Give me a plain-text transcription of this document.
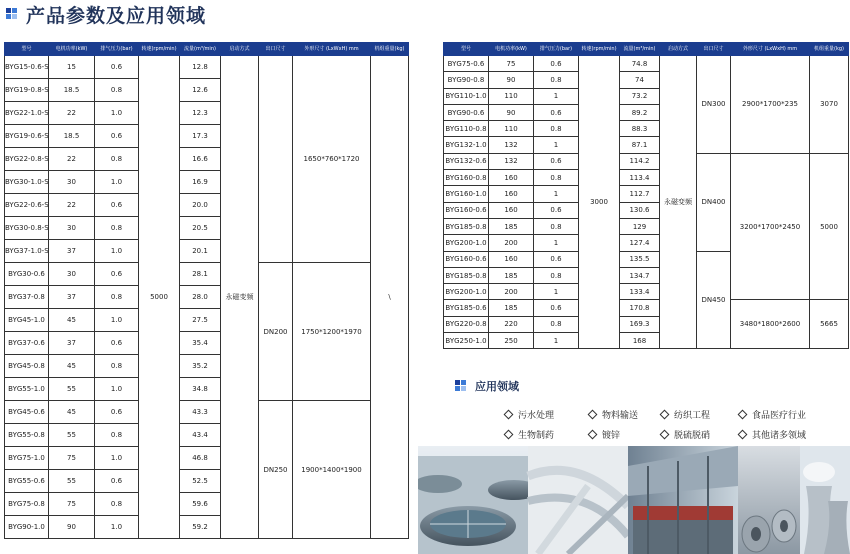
产品参数及应用领域
型号	电机功率(kW)	排气压力(bar)	转速(rpm/min)	流量(m³/min)	启动方式	出口尺寸	外形尺寸 (LxWxH) mm	机组重量(kg)
BYG15-0.6-S	15	0.6	5000	12.8	永磁变频		1650*760*1720	\
BYG19-0.8-S	18.5	0.8		12.6				
BYG22-1.0-S	22	1.0		12.3				
BYG19-0.6-S	18.5	0.6		17.3				
BYG22-0.8-S	22	0.8		16.6				
BYG30-1.0-S	30	1.0		16.9				
BYG22-0.6-S	22	0.6		20.0				
BYG30-0.8-S	30	0.8		20.5				
BYG37-1.0-S	37	1.0		20.1				
BYG30-0.6	30	0.6		28.1		DN200	1750*1200*1970	
BYG37-0.8	37	0.8		28.0				
BYG45-1.0	45	1.0		27.5				
BYG37-0.6	37	0.6		35.4				
BYG45-0.8	45	0.8		35.2				
BYG55-1.0	55	1.0		34.8				
BYG45-0.6	45	0.6		43.3		DN250	1900*1400*1900	
BYG55-0.8	55	0.8		43.4				
BYG75-1.0	75	1.0		46.8				
BYG55-0.6	55	0.6		52.5				
BYG75-0.8	75	0.8		59.6				
BYG90-1.0	90	1.0		59.2				
型号	电机功率(kW)	排气压力(bar)	转速(rpm/min)	流量(m³/min)	启动方式	出口尺寸	外形尺寸 (LxWxH) mm	机组重量(kg)
BYG75-0.6	75	0.6	3000	74.8	永磁变频	DN300	2900*1700*235	3070
BYG90-0.8	90	0.8		74				
BYG110-1.0	110	1		73.2				
BYG90-0.6	90	0.6		89.2				
BYG110-0.8	110	0.8		88.3				
BYG132-1.0	132	1		87.1				
BYG132-0.6	132	0.6		114.2		DN400	3200*1700*2450	5000
BYG160-0.8	160	0.8		113.4				
BYG160-1.0	160	1		112.7				
BYG160-0.6	160	0.6		130.6				
BYG185-0.8	185	0.8		129				
BYG200-1.0	200	1		127.4				
BYG160-0.6	160	0.6		135.5		DN450		
BYG185-0.8	185	0.8		134.7				
BYG200-1.0	200	1		133.4				
BYG185-0.6	185	0.6		170.8			3480*1800*2600	5665
BYG220-0.8	220	0.8		169.3				
BYG250-1.0	250	1		168				
应用领域
污水处理	物料输送	纺织工程	食品医疗行业
生物制药	镀锌	脱硫脱硝	其他诸多领域
